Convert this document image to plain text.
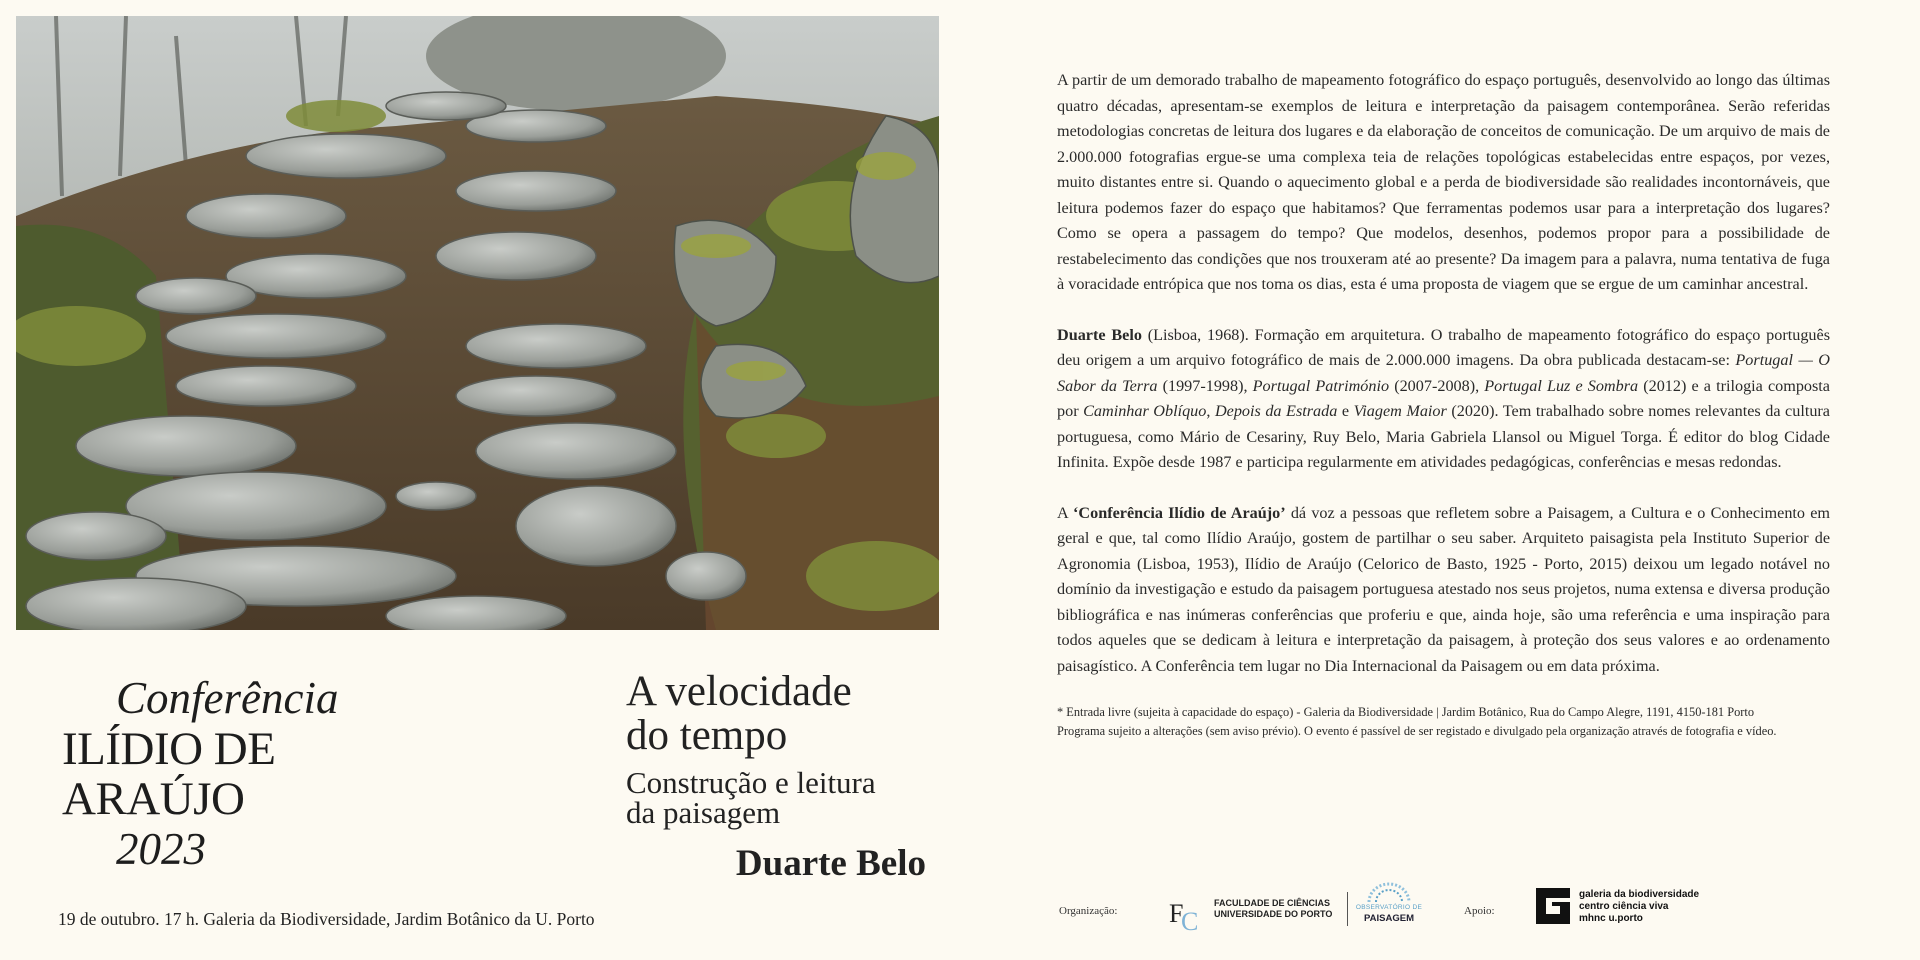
Conferência
ILÍDIO DE
ARAÚJO
2023
A velocidade
do tempo
Construção e leitura
da paisagem
Duarte Belo
19 de outubro. 17 h. Galeria da Biodiversidade, Jardim Botânico da U. Porto

A partir de um demorado trabalho de mapeamento fotográfico do espaço português, desenvolvido ao longo das últimas quatro décadas, apresentam-se exemplos de leitura e interpretação da paisagem contemporânea. Serão referidas metodologias concretas de leitura dos lugares e da elaboração de conceitos de comunicação. De um arquivo de mais de 2.000.000 fotografias ergue-se uma complexa teia de relações topológicas estabelecidas entre espaços, por vezes, muito distantes entre si. Quando o aquecimento global e a perda de biodiversidade são realidades incontornáveis, que leitura podemos fazer do espaço que habitamos? Que ferramentas podemos usar para a interpretação dos lugares? Como se opera a passagem do tempo? Que modelos, desenhos, podemos propor para a possibilidade de restabelecimento das condições que nos trouxeram até ao presente? Da imagem para a palavra, numa tentativa de fuga à voracidade entrópica que nos toma os dias, esta é uma proposta de viagem que se ergue de um caminhar ancestral.

Duarte Belo (Lisboa, 1968). Formação em arquitetura. O trabalho de mapeamento fotográfico do espaço português deu origem a um arquivo fotográfico de mais de 2.000.000 imagens. Da obra publicada destacam-se: Portugal — O Sabor da Terra (1997-1998), Portugal Património (2007-2008), Portugal Luz e Sombra (2012) e a trilogia composta por Caminhar Oblíquo, Depois da Estrada e Viagem Maior (2020). Tem trabalhado sobre nomes relevantes da cultura portuguesa, como Mário de Cesariny, Ruy Belo, Maria Gabriela Llansol ou Miguel Torga. É editor do blog Cidade Infinita. Expõe desde 1987 e participa regularmente em atividades pedagógicas, conferências e mesas redondas.

A ‘Conferência Ilídio de Araújo’ dá voz a pessoas que refletem sobre a Paisagem, a Cultura e o Conhecimento em geral e que, tal como Ilídio Araújo, gostem de partilhar o seu saber. Arquiteto paisagista pela Instituto Superior de Agronomia (Lisboa, 1953), Ilídio de Araújo (Celorico de Basto, 1925 - Porto, 2015) deixou um legado notável no domínio da investigação e estudo da paisagem portuguesa atestado nos seus projetos, numa extensa e diversa produção bibliográfica e nas inúmeras conferências que proferiu e que, ainda hoje, são uma referência e uma inspiração para todos aqueles que se dedicam à leitura e interpretação da paisagem, à proteção dos seus valores e ao ordenamento paisagístico. A Conferência tem lugar no Dia Internacional da Paisagem ou em data próxima.

* Entrada livre (sujeita à capacidade do espaço) - Galeria da Biodiversidade | Jardim Botânico, Rua do Campo Alegre, 1191, 4150-181 Porto
Programa sujeito a alterações (sem aviso prévio). O evento é passível de ser registado e divulgado pela organização através de fotografia e vídeo.
Organização: F
C
FACULDADE DE CIÊNCIAS
UNIVERSIDADE DO PORTO
OBSERVATÓRIO DE
PAISAGEM
Apoio:
galeria da biodiversidade
centro ciência viva
mhnc u.porto
